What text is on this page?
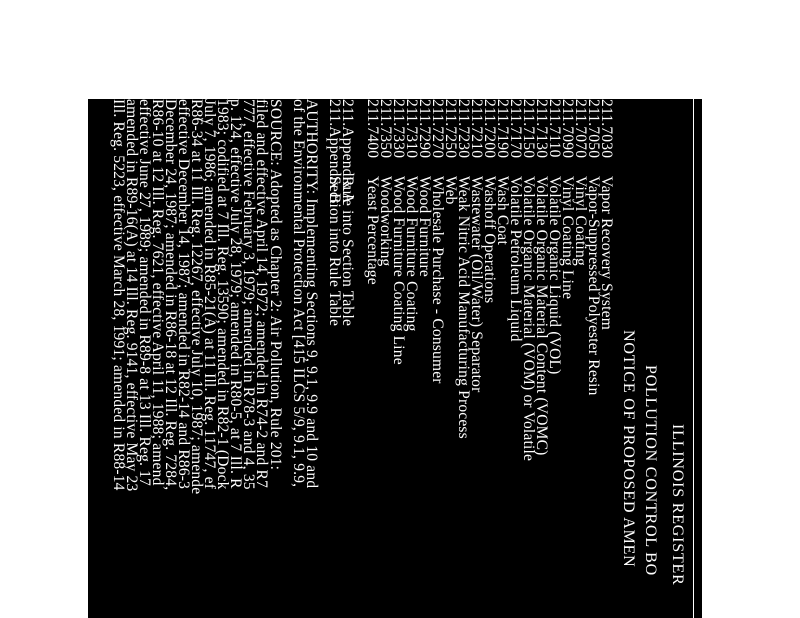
ILLINOIS REGISTER
POLLUTION CONTROL BO
NOTICE OF PROPOSED AMEN
211.7030Vapor Recovery System
211.7050Vapor-Suppressed Polyester Resin
211.7070Vinyl Coating
211.7090Vinyl Coating Line
211.7110Volatile Organic Liquid (VOL)
211.7130Volatile Organic Material Content (VOMC)
211.7150Volatile Organic Material (VOM) or Volatile
211.7170Volatile Petroleum Liquid
211.7190Wash Coat
211.7200Washoff Operations
211.7210Wastewater (Oil/Water) Separator
211.7230Weak Nitric Acid Manufacturing Process
211.7250Web
211.7270Wholesale Purchase - Consumer
211.7290Wood Furniture
211.7310Wood Furniture Coating
211.7330Wood Furniture Coating Line
211.7350Woodworking
211.7400Yeast Percentage
211.Appendix ARule into Section Table
211.Appendix BSection into Rule Table
AUTHORITY: Implementing Sections 9, 9.1, 9.9 and 10 and
of the Environmental Protection Act [415 ILCS 5/9, 9.1, 9.9,
SOURCE: Adopted as Chapter 2: Air Pollution, Rule 201:
filed and effective April 14, 1972; amended in R74-2 and R7
777, effective February 3, 1979; amended in R78-3 and 4, 35
p. 124, effective July 28, 1979; amended in R80-5, at 7 Ill. R
1983; codified at 7 Ill. Reg. 13590; amended in R82-1 (Dock
July 7, 1986; amended in R85-21(A) at 11 Ill. Reg. 11747, ef
R86-34 at 11 Ill. Reg. 12267, effective July 10, 1987; amende
effective December 14, 1987; amended in R82-14 and R86-3
December 24, 1987; amended in R86-18 at 12 Ill. Reg. 7284,
R86-10 at 12 Ill. Reg. 7621, effective April 11, 1988; amend
effective June 27, 1989; amended in R89-8 at 13 Ill. Reg. 17
amended in R89-16(A) at 14 Ill. Reg. 9141, effective May 23
Ill. Reg. 5223, effective March 28, 1991; amended in R88-14
